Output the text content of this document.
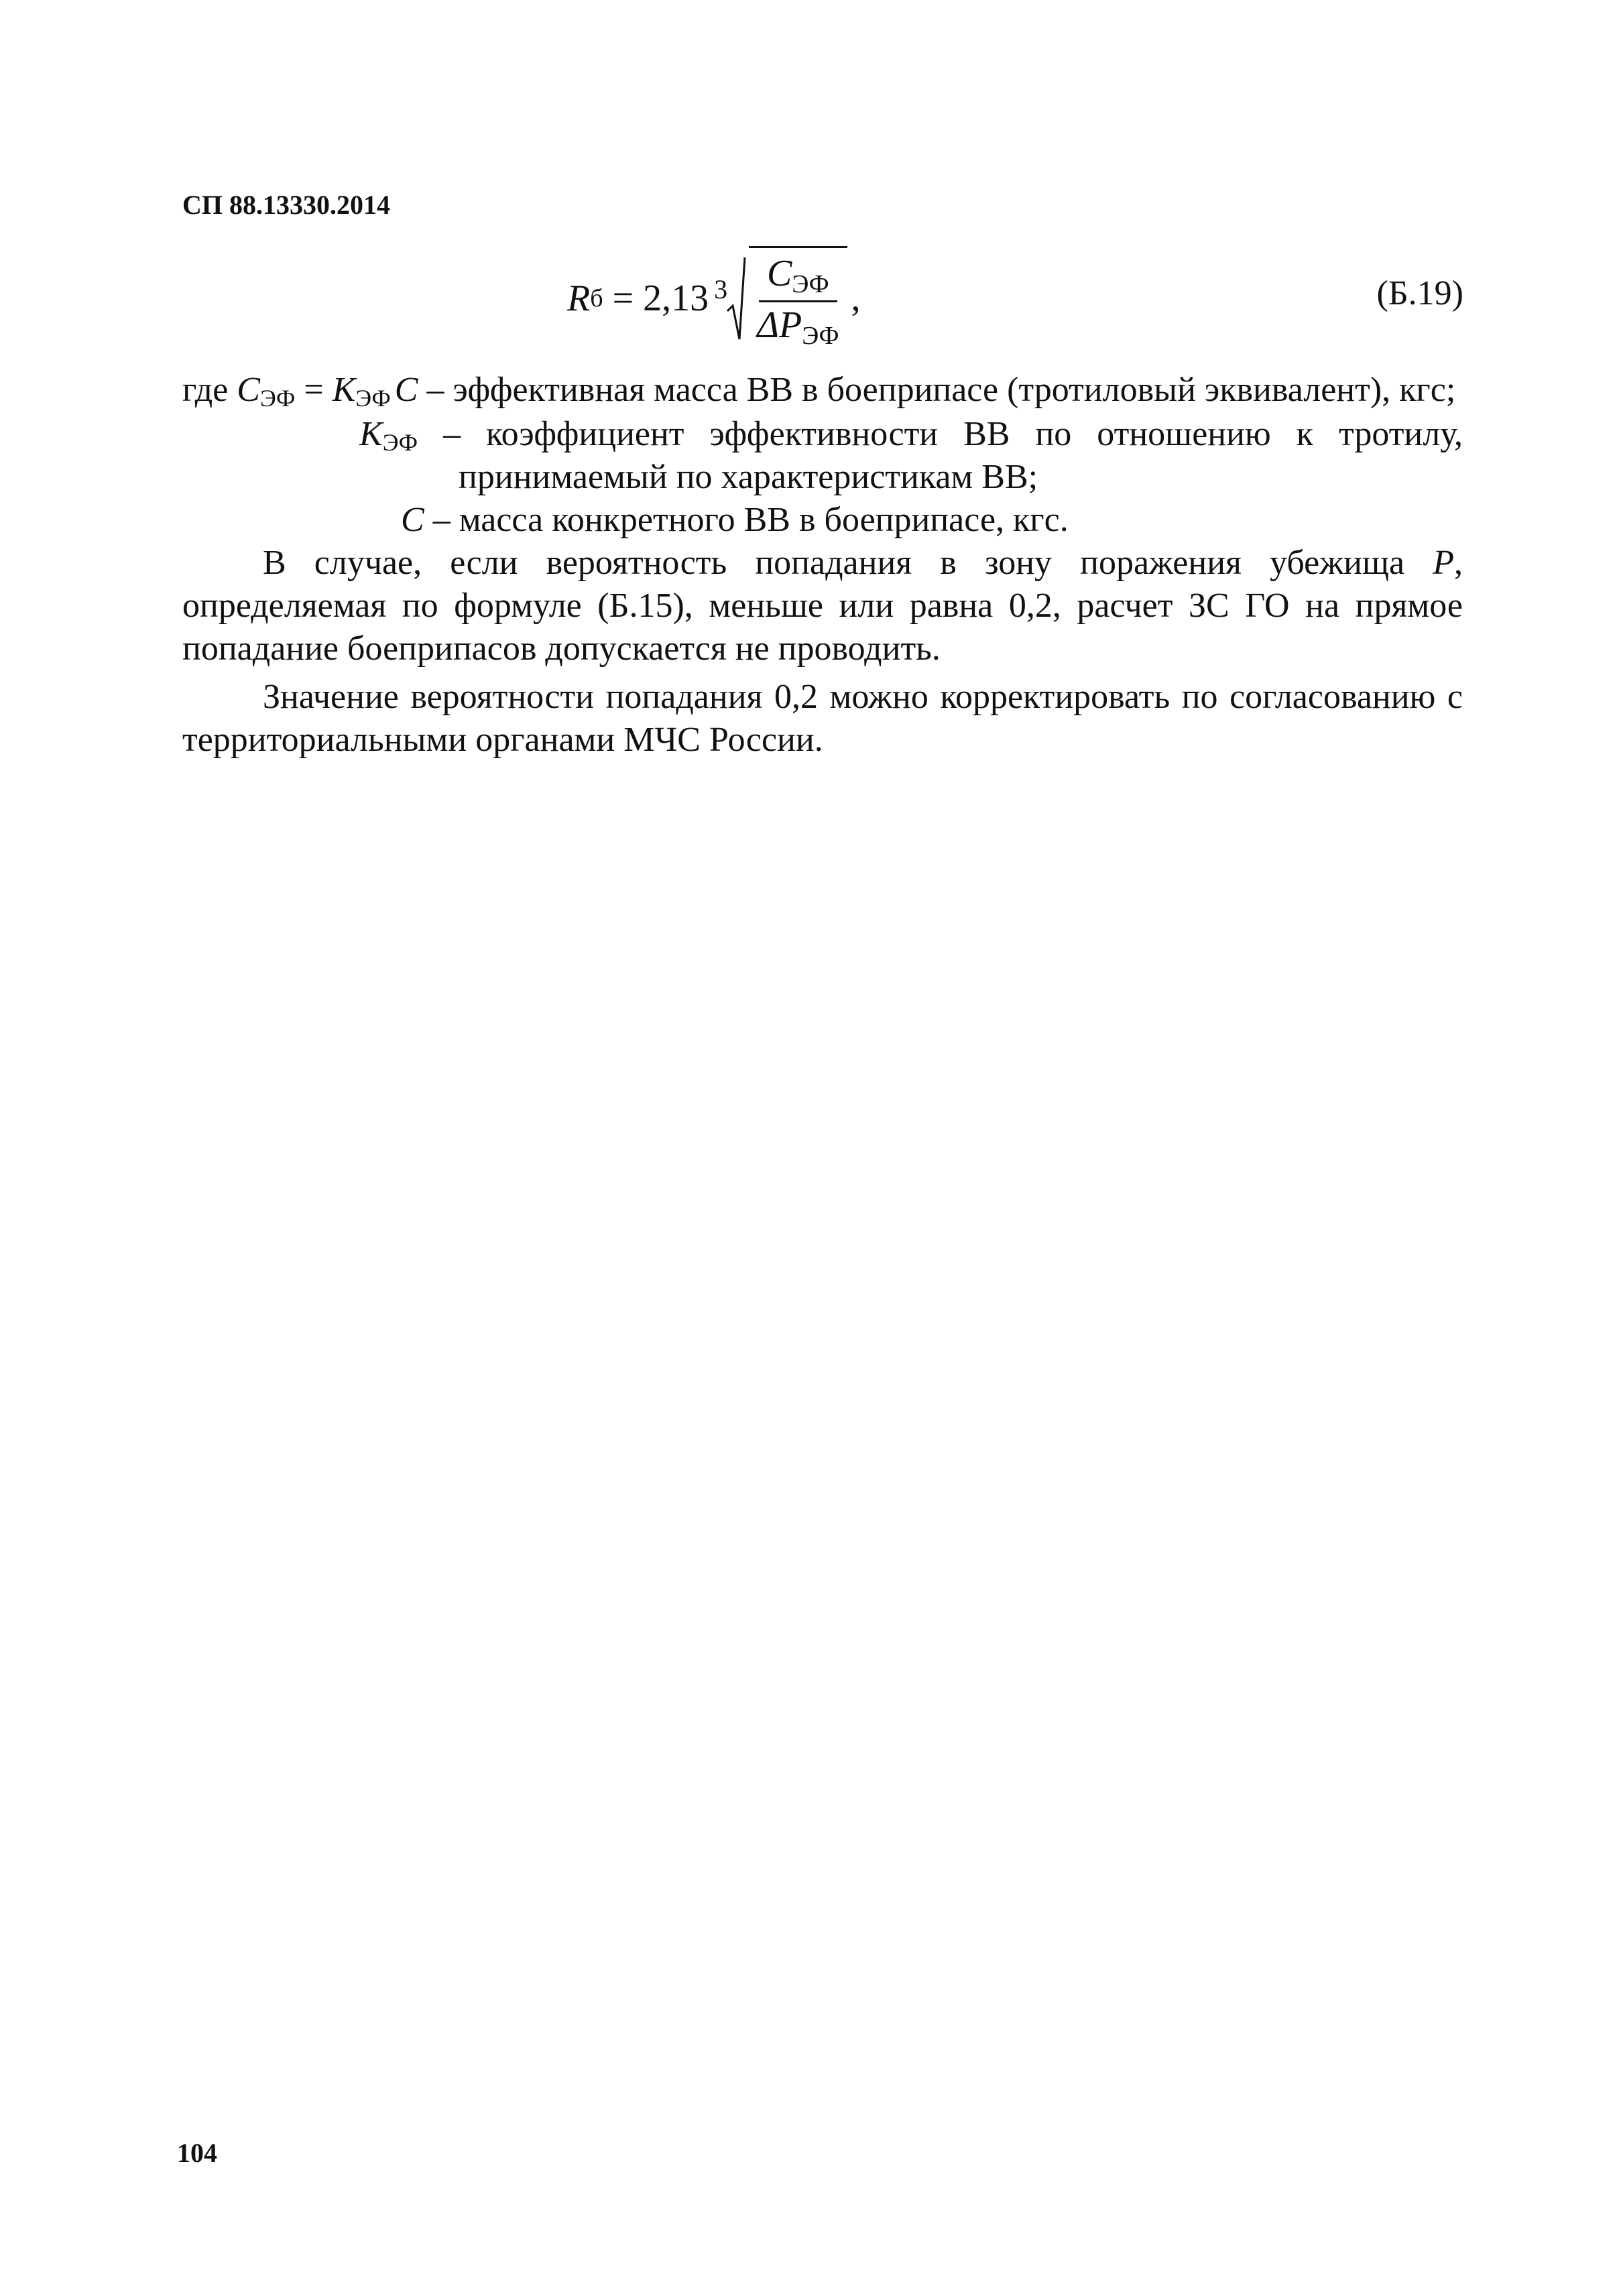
СП 88.13330.2014
R б = 2,13 $3 \frac{C_{ЭФ}}{\Delta P_{ЭФ}}$ ,	(Б.19)
где $C_{ЭФ} = K_{ЭФ}$ C – эффективная масса ВВ в боеприпасе (тротиловый эквивалент), кгс;
$K_{ЭФ}$ – коэффициент эффективности ВВ по отношению к тротилу,
принимаемый по характеристикам ВВ;
C – масса конкретного ВВ в боеприпасе, кгс.
В случае, если вероятность попадания в зону поражения убежища P,
определяемая по формуле (Б.15), меньше или равна 0,2, расчет ЗС ГО на прямое
попадание боеприпасов допускается не проводить.
Значение вероятности попадания 0,2 можно корректировать по согласованию с
территориальными органами МЧС России.
104
